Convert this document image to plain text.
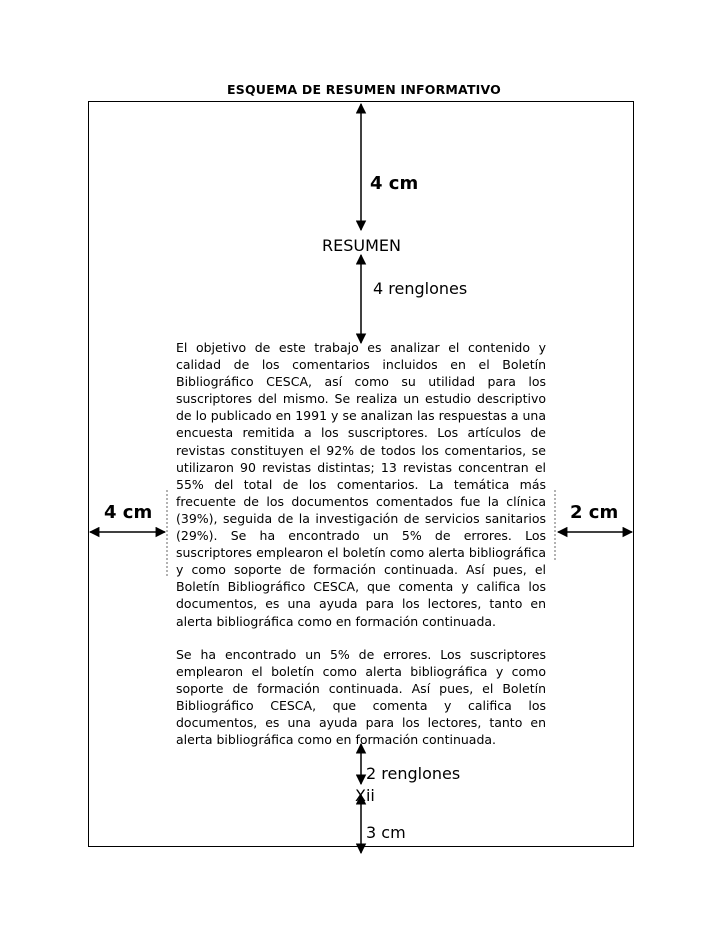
ESQUEMA DE RESUMEN INFORMATIVO
4 cm
RESUMEN
4 renglones
4 cm	2 cm

El objetivo de este trabajo es analizar el contenido y calidad de los comentarios incluidos en el Boletín Bibliográfico CESCA, así como su utilidad para los suscriptores del mismo. Se realiza un estudio descriptivo de lo publicado en 1991 y se analizan las respuestas a una encuesta remitida a los suscriptores. Los artículos de revistas constituyen el 92% de todos los comentarios, se utilizaron 90 revistas distintas; 13 revistas concentran el 55% del total de los comentarios. La temática más frecuente de los documentos comentados fue la clínica (39%), seguida de la investigación de servicios sanitarios (29%). Se ha encontrado un 5% de errores. Los suscriptores emplearon el boletín como alerta bibliográfica y como soporte de formación continuada. Así pues, el Boletín Bibliográfico CESCA, que comenta y califica los documentos, es una ayuda para los lectores, tanto en alerta bibliográfica como en formación continuada.

Se ha encontrado un 5% de errores. Los suscriptores emplearon el boletín como alerta bibliográfica y como soporte de formación continuada. Así pues, el Boletín Bibliográfico CESCA, que comenta y califica los documentos, es una ayuda para los lectores, tanto en alerta bibliográfica como en formación continuada.

2 renglones
Xii
3 cm
